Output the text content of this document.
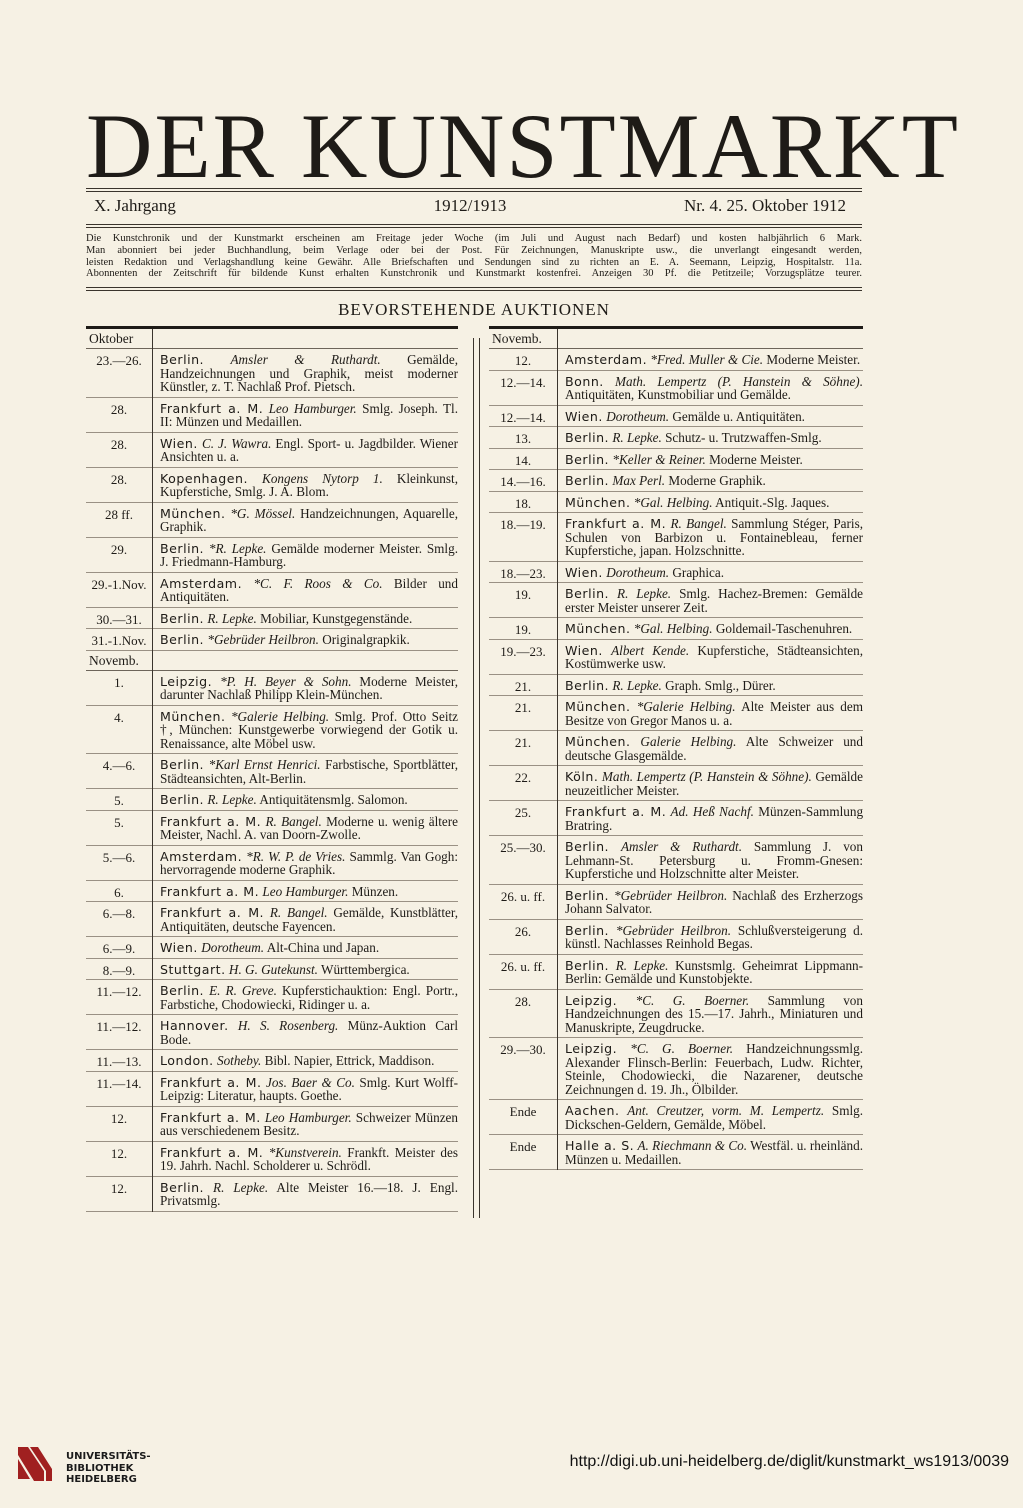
DER KUNSTMARKT
1912/1913
X. Jahrgang	Nr. 4. 25. Oktober 1912
Die Kunstchronik und der Kunstmarkt erscheinen am Freitage jeder Woche (im Juli und August nach Bedarf) und kosten halbjährlich 6 Mark.
Man abonniert bei jeder Buchhandlung, beim Verlage oder bei der Post. Für Zeichnungen, Manuskripte usw., die unverlangt eingesandt werden,
leisten Redaktion und Verlagshandlung keine Gewähr. Alle Briefschaften und Sendungen sind zu richten an E. A. Seemann, Leipzig, Hospitalstr. 11a.
Abonnenten der Zeitschrift für bildende Kunst erhalten Kunstchronik und Kunstmarkt kostenfrei. Anzeigen 30 Pf. die Petitzeile; Vorzugsplätze teurer.
BEVORSTEHENDE AUKTIONEN
Oktober
23.—26.	Berlin. Amsler & Ruthardt. Gemälde, Handzeichnungen und Graphik, meist moderner Künstler, z. T. Nachlaß Prof. Pietsch.
28.	Frankfurt a. M. Leo Hamburger. Smlg. Joseph. Tl. II: Münzen und Medaillen.
28.	Wien. C. J. Wawra. Engl. Sport- u. Jagdbilder. Wiener Ansichten u. a.
28.	Kopenhagen. Kongens Nytorp 1. Kleinkunst, Kupferstiche, Smlg. J. A. Blom.
28 ff.	München. *G. Mössel. Handzeichnungen, Aquarelle, Graphik.
29.	Berlin. *R. Lepke. Gemälde moderner Meister. Smlg. J. Friedmann-Hamburg.
29.-1.Nov.	Amsterdam. *C. F. Roos & Co. Bilder und Antiquitäten.
30.—31.	Berlin. R. Lepke. Mobiliar, Kunstgegenstände.
31.-1.Nov.	Berlin. *Gebrüder Heilbron. Originalgrapkik.
Novemb.
1.	Leipzig. *P. H. Beyer & Sohn. Moderne Meister, darunter Nachlaß Philipp Klein-München.
4.	München. *Galerie Helbing. Smlg. Prof. Otto Seitz †, München: Kunstgewerbe vorwiegend der Gotik u. Renaissance, alte Möbel usw.
4.—6.	Berlin. *Karl Ernst Henrici. Farbstische, Sportblätter, Städteansichten, Alt-Berlin.
5.	Berlin. R. Lepke. Antiquitätensmlg. Salomon.
5.	Frankfurt a. M. R. Bangel. Moderne u. wenig ältere Meister, Nachl. A. van Doorn-Zwolle.
5.—6.	Amsterdam. *R. W. P. de Vries. Sammlg. Van Gogh: hervorragende moderne Graphik.
6.	Frankfurt a. M. Leo Hamburger. Münzen.
6.—8.	Frankfurt a. M. R. Bangel. Gemälde, Kunstblätter, Antiquitäten, deutsche Fayencen.
6.—9.	Wien. Dorotheum. Alt-China und Japan.
8.—9.	Stuttgart. H. G. Gutekunst. Württembergica.
11.—12.	Berlin. E. R. Greve. Kupferstichauktion: Engl. Portr., Farbstiche, Chodowiecki, Ridinger u. a.
11.—12.	Hannover. H. S. Rosenberg. Münz-Auktion Carl Bode.
11.—13.	London. Sotheby. Bibl. Napier, Ettrick, Maddison.
11.—14.	Frankfurt a. M. Jos. Baer & Co. Smlg. Kurt Wolff-Leipzig: Literatur, haupts. Goethe.
12.	Frankfurt a. M. Leo Hamburger. Schweizer Münzen aus verschiedenem Besitz.
12.	Frankfurt a. M. *Kunstverein. Frankft. Meister des 19. Jahrh. Nachl. Scholderer u. Schrödl.
12.	Berlin. R. Lepke. Alte Meister 16.—18. J. Engl. Privatsmlg.
Novemb.
12.	Amsterdam. *Fred. Muller & Cie. Moderne Meister.
12.—14.	Bonn. Math. Lempertz (P. Hanstein & Söhne). Antiquitäten, Kunstmobiliar und Gemälde.
12.—14.	Wien. Dorotheum. Gemälde u. Antiquitäten.
13.	Berlin. R. Lepke. Schutz- u. Trutzwaffen-Smlg.
14.	Berlin. *Keller & Reiner. Moderne Meister.
14.—16.	Berlin. Max Perl. Moderne Graphik.
18.	München. *Gal. Helbing. Antiquit.-Slg. Jaques.
18.—19.	Frankfurt a. M. R. Bangel. Sammlung Stéger, Paris, Schulen von Barbizon u. Fontainebleau, ferner Kupferstiche, japan. Holzschnitte.
18.—23.	Wien. Dorotheum. Graphica.
19.	Berlin. R. Lepke. Smlg. Hachez-Bremen: Gemälde erster Meister unserer Zeit.
19.	München. *Gal. Helbing. Goldemail-Taschenuhren.
19.—23.	Wien. Albert Kende. Kupferstiche, Städteansichten, Kostümwerke usw.
21.	Berlin. R. Lepke. Graph. Smlg., Dürer.
21.	München. *Galerie Helbing. Alte Meister aus dem Besitze von Gregor Manos u. a.
21.	München. Galerie Helbing. Alte Schweizer und deutsche Glasgemälde.
22.	Köln. Math. Lempertz (P. Hanstein & Söhne). Gemälde neuzeitlicher Meister.
25.	Frankfurt a. M. Ad. Heß Nachf. Münzen-Sammlung Bratring.
25.—30.	Berlin. Amsler & Ruthardt. Sammlung J. von Lehmann-St. Petersburg u. Fromm-Gnesen: Kupferstiche und Holzschnitte alter Meister.
26. u. ff.	Berlin. *Gebrüder Heilbron. Nachlaß des Erzherzogs Johann Salvator.
26.	Berlin. *Gebrüder Heilbron. Schlußversteigerung d. künstl. Nachlasses Reinhold Begas.
26. u. ff.	Berlin. R. Lepke. Kunstsmlg. Geheimrat Lippmann-Berlin: Gemälde und Kunstobjekte.
28.	Leipzig. *C. G. Boerner. Sammlung von Handzeichnungen des 15.—17. Jahrh., Miniaturen und Manuskripte, Zeugdrucke.
29.—30.	Leipzig. *C. G. Boerner. Handzeichnungssmlg. Alexander Flinsch-Berlin: Feuerbach, Ludw. Richter, Steinle, Chodowiecki, die Nazarener, deutsche Zeichnungen d. 19. Jh., Ölbilder.
Ende	Aachen. Ant. Creutzer, vorm. M. Lempertz. Smlg. Dickschen-Geldern, Gemälde, Möbel.
Ende	Halle a. S. A. Riechmann & Co. Westfäl. u. rheinländ. Münzen u. Medaillen.
UNIVERSITÄTS-
BIBLIOTHEK
HEIDELBERG
http://digi.ub.uni-heidelberg.de/diglit/kunstmarkt_ws1913/0039
